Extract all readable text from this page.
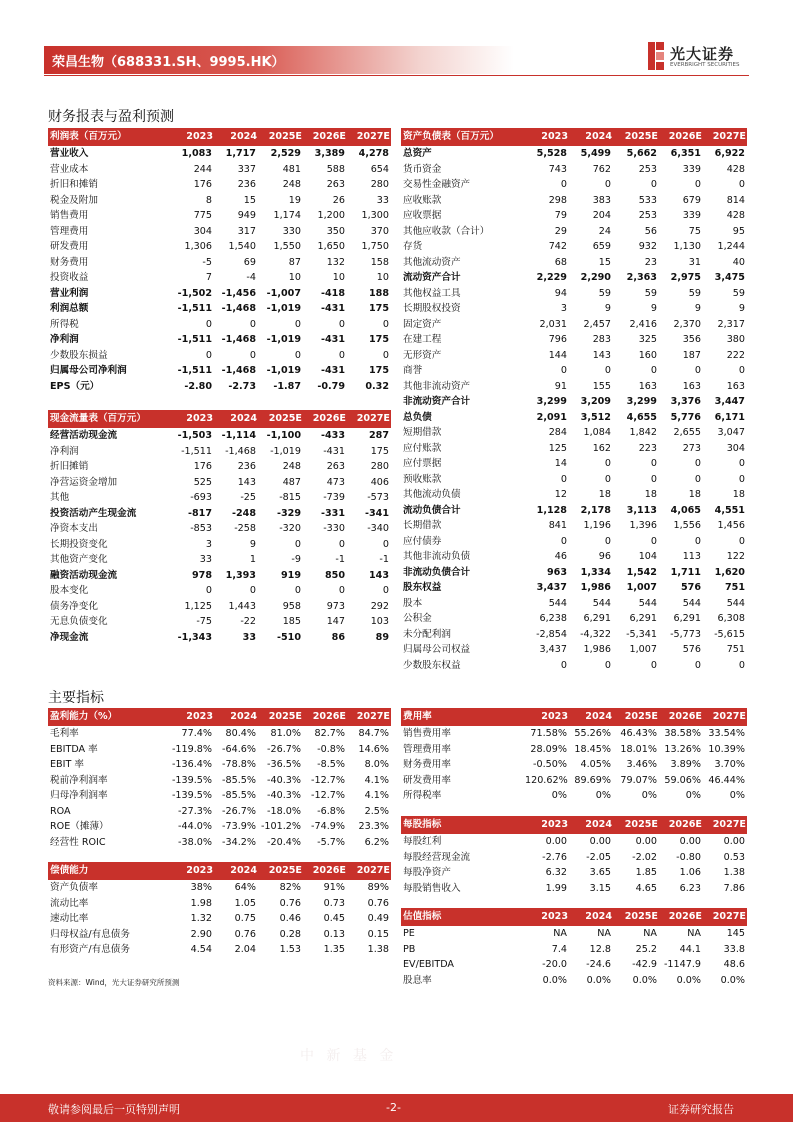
荣昌生物（688331.SH、9995.HK）	光大证券
EVERBRIGHT SECURITIES
财务报表与盈利预测
主要指标
利润表（百万元）	2023	2024	2025E	2026E	2027E
营业收入	1,083	1,717	2,529	3,389	4,278
营业成本	244	337	481	588	654
折旧和摊销	176	236	248	263	280
税金及附加	8	15	19	26	33
销售费用	775	949	1,174	1,200	1,300
管理费用	304	317	330	350	370
研发费用	1,306	1,540	1,550	1,650	1,750
财务费用	-5	69	87	132	158
投资收益	7	-4	10	10	10
营业利润	-1,502	-1,456	-1,007	-418	188
利润总额	-1,511	-1,468	-1,019	-431	175
所得税	0	0	0	0	0
净利润	-1,511	-1,468	-1,019	-431	175
少数股东损益	0	0	0	0	0
归属母公司净利润	-1,511	-1,468	-1,019	-431	175
EPS（元）	-2.80	-2.73	-1.87	-0.79	0.32
现金流量表（百万元）	2023	2024	2025E	2026E	2027E
经营活动现金流	-1,503	-1,114	-1,100	-433	287
净利润	-1,511	-1,468	-1,019	-431	175
折旧摊销	176	236	248	263	280
净营运资金增加	525	143	487	473	406
其他	-693	-25	-815	-739	-573
投资活动产生现金流	-817	-248	-329	-331	-341
净资本支出	-853	-258	-320	-330	-340
长期投资变化	3	9	0	0	0
其他资产变化	33	1	-9	-1	-1
融资活动现金流	978	1,393	919	850	143
股本变化	0	0	0	0	0
债务净变化	1,125	1,443	958	973	292
无息负债变化	-75	-22	185	147	103
净现金流	-1,343	33	-510	86	89
资产负债表（百万元）	2023	2024	2025E	2026E	2027E
总资产	5,528	5,499	5,662	6,351	6,922
货币资金	743	762	253	339	428
交易性金融资产	0	0	0	0	0
应收账款	298	383	533	679	814
应收票据	79	204	253	339	428
其他应收款（合计）	29	24	56	75	95
存货	742	659	932	1,130	1,244
其他流动资产	68	15	23	31	40
流动资产合计	2,229	2,290	2,363	2,975	3,475
其他权益工具	94	59	59	59	59
长期股权投资	3	9	9	9	9
固定资产	2,031	2,457	2,416	2,370	2,317
在建工程	796	283	325	356	380
无形资产	144	143	160	187	222
商誉	0	0	0	0	0
其他非流动资产	91	155	163	163	163
非流动资产合计	3,299	3,209	3,299	3,376	3,447
总负债	2,091	3,512	4,655	5,776	6,171
短期借款	284	1,084	1,842	2,655	3,047
应付账款	125	162	223	273	304
应付票据	14	0	0	0	0
预收账款	0	0	0	0	0
其他流动负债	12	18	18	18	18
流动负债合计	1,128	2,178	3,113	4,065	4,551
长期借款	841	1,196	1,396	1,556	1,456
应付债券	0	0	0	0	0
其他非流动负债	46	96	104	113	122
非流动负债合计	963	1,334	1,542	1,711	1,620
股东权益	3,437	1,986	1,007	576	751
股本	544	544	544	544	544
公积金	6,238	6,291	6,291	6,291	6,308
未分配利润	-2,854	-4,322	-5,341	-5,773	-5,615
归属母公司权益	3,437	1,986	1,007	576	751
少数股东权益	0	0	0	0	0
盈利能力（%）	2023	2024	2025E	2026E	2027E
毛利率	77.4%	80.4%	81.0%	82.7%	84.7%
EBITDA 率	-119.8%	-64.6%	-26.7%	-0.8%	14.6%
EBIT 率	-136.4%	-78.8%	-36.5%	-8.5%	8.0%
税前净利润率	-139.5%	-85.5%	-40.3%	-12.7%	4.1%
归母净利润率	-139.5%	-85.5%	-40.3%	-12.7%	4.1%
ROA	-27.3%	-26.7%	-18.0%	-6.8%	2.5%
ROE（摊薄）	-44.0%	-73.9% -101.2%	-74.9%	23.3%
经营性 ROIC	-38.0%	-34.2%	-20.4%	-5.7%	6.2%
偿债能力	2023	2024	2025E	2026E	2027E
资产负债率	38%	64%	82%	91%	89%
流动比率	1.98	1.05	0.76	0.73	0.76
速动比率	1.32	0.75	0.46	0.45	0.49
归母权益/有息债务	2.90	0.76	0.28	0.13	0.15
有形资产/有息债务	4.54	2.04	1.53	1.35	1.38
费用率	2023	2024	2025E	2026E	2027E
销售费用率	71.58% 55.26% 46.43% 38.58% 33.54%
管理费用率	28.09% 18.45% 18.01% 13.26% 10.39%
财务费用率	-0.50%	4.05%	3.46%	3.89%	3.70%
研发费用率	120.62% 89.69% 79.07% 59.06% 46.44%
所得税率	0%	0%	0%	0%	0%
每股指标	2023	2024	2025E	2026E	2027E
每股红利	0.00	0.00	0.00	0.00	0.00
每股经营现金流	-2.76	-2.05	-2.02	-0.80	0.53
每股净资产	6.32	3.65	1.85	1.06	1.38
每股销售收入	1.99	3.15	4.65	6.23	7.86
估值指标	2023	2024	2025E	2026E	2027E
PE	NA	NA	NA	NA	145
PB	7.4	12.8	25.2	44.1	33.8
EV/EBITDA	-20.0	-24.6	-42.9 -1147.9	48.6
股息率	0.0%	0.0%	0.0%	0.0%	0.0%
资料来源：Wind，光大证券研究所预测
中 新 基 金
敬请参阅最后一页特别声明	-2-	证券研究报告
